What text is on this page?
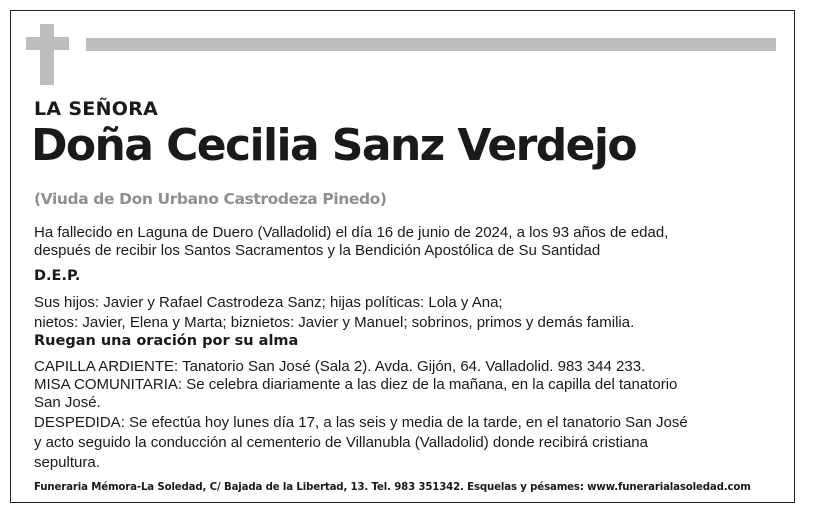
LA SEÑORA
Doña Cecilia Sanz Verdejo
(Viuda de Don Urbano Castrodeza Pinedo)
Ha fallecido en Laguna de Duero (Valladolid) el día 16 de junio de 2024, a los 93 años de edad,
después de recibir los Santos Sacramentos y la Bendición Apostólica de Su Santidad
D.E.P.
Sus hijos: Javier y Rafael Castrodeza Sanz; hijas políticas: Lola y Ana;
nietos: Javier, Elena y Marta; biznietos: Javier y Manuel; sobrinos, primos y demás familia.
Ruegan una oración por su alma
CAPILLA ARDIENTE: Tanatorio San José (Sala 2). Avda. Gijón, 64. Valladolid. 983 344 233.
MISA COMUNITARIA: Se celebra diariamente a las diez de la mañana, en la capilla del tanatorio
San José.
DESPEDIDA: Se efectúa hoy lunes día 17, a las seis y media de la tarde, en el tanatorio San José
y acto seguido la conducción al cementerio de Villanubla (Valladolid) donde recibirá cristiana
sepultura.
Funeraria Mémora-La Soledad, C/ Bajada de la Libertad, 13. Tel. 983 351342. Esquelas y pésames: www.funerarialasoledad.com
